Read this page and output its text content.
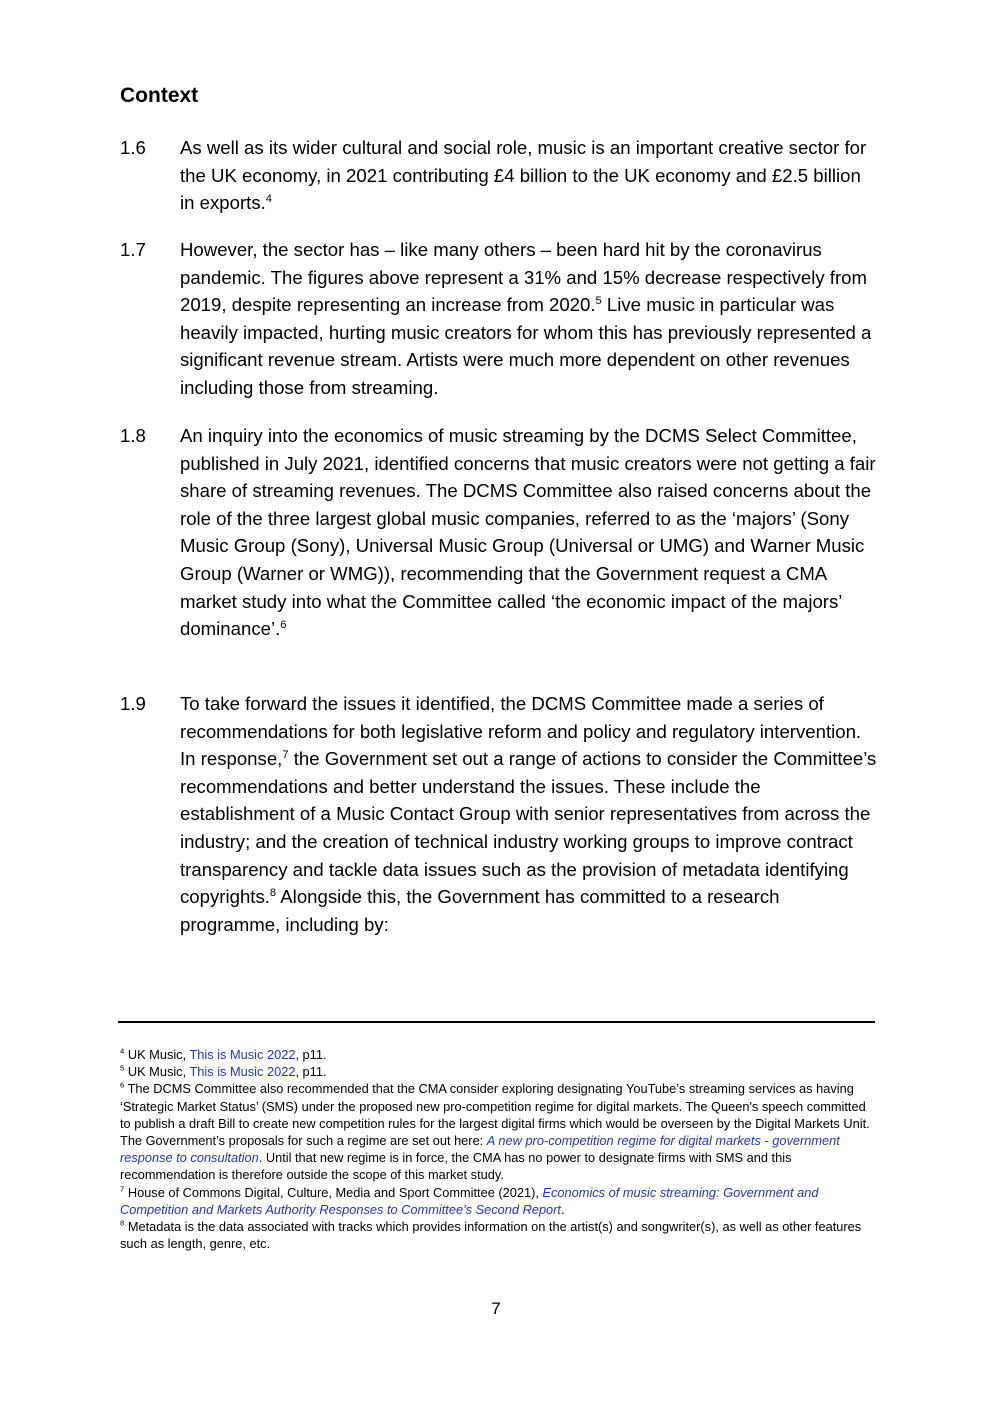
Context
1.6 As well as its wider cultural and social role, music is an important creative sector for the UK economy, in 2021 contributing £4 billion to the UK economy and £2.5 billion in exports.$^4$
1.7 However, the sector has – like many others – been hard hit by the coronavirus pandemic. The figures above represent a 31% and 15% decrease respectively from 2019, despite representing an increase from 2020.$^5$ Live music in particular was heavily impacted, hurting music creators for whom this has previously represented a significant revenue stream. Artists were much more dependent on other revenues including those from streaming.
1.8 An inquiry into the economics of music streaming by the DCMS Select Committee, published in July 2021, identified concerns that music creators were not getting a fair share of streaming revenues. The DCMS Committee also raised concerns about the role of the three largest global music companies, referred to as the ‘majors’ (Sony Music Group (Sony), Universal Music Group (Universal or UMG) and Warner Music Group (Warner or WMG)), recommending that the Government request a CMA market study into what the Committee called ‘the economic impact of the majors’ dominance’.$^6$
1.9 To take forward the issues it identified, the DCMS Committee made a series of recommendations for both legislative reform and policy and regulatory intervention. In response,$^7$ the Government set out a range of actions to consider the Committee’s recommendations and better understand the issues. These include the establishment of a Music Contact Group with senior representatives from across the industry; and the creation of technical industry working groups to improve contract transparency and tackle data issues such as the provision of metadata identifying copyrights.$^8$ Alongside this, the Government has committed to a research programme, including by:

$^4$ UK Music, This is Music 2022, p11.

$^5$ UK Music, This is Music 2022, p11.

$^6$ The DCMS Committee also recommended that the CMA consider exploring designating YouTube’s streaming services as having ‘Strategic Market Status’ (SMS) under the proposed new pro-competition regime for digital markets. The Queen's speech committed to publish a draft Bill to create new competition rules for the largest digital firms which would be overseen by the Digital Markets Unit. The Government’s proposals for such a regime are set out here: A new pro-competition regime for digital markets - government response to consultation. Until that new regime is in force, the CMA has no power to designate firms with SMS and this recommendation is therefore outside the scope of this market study.

$^7$ House of Commons Digital, Culture, Media and Sport Committee (2021), Economics of music streaming: Government and Competition and Markets Authority Responses to Committee’s Second Report.

$^8$ Metadata is the data associated with tracks which provides information on the artist(s) and songwriter(s), as well as other features such as length, genre, etc.

7
